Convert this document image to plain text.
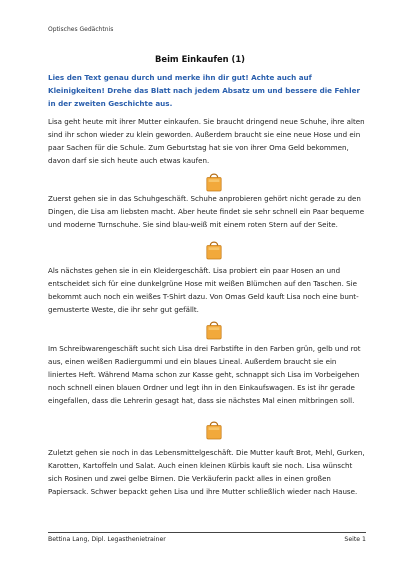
Optisches Gedächtnis
Beim Einkaufen (1)
Lies den Text genau durch und merke ihn dir gut! Achte auch auf Kleinigkeiten! Drehe das Blatt nach jedem Absatz um und bessere die Fehler in der zweiten Geschichte aus.
Lisa geht heute mit ihrer Mutter einkaufen. Sie braucht dringend neue Schuhe, ihre alten sind ihr schon wieder zu klein geworden. Außerdem braucht sie eine neue Hose und ein paar Sachen für die Schule. Zum Geburtstag hat sie von ihrer Oma Geld bekommen, davon darf sie sich heute auch etwas kaufen.
Zuerst gehen sie in das Schuhgeschäft. Schuhe anprobieren gehört nicht gerade zu den Dingen, die Lisa am liebsten macht. Aber heute findet sie sehr schnell ein Paar bequeme und moderne Turnschuhe. Sie sind blau-weiß mit einem roten Stern auf der Seite.
Als nächstes gehen sie in ein Kleidergeschäft. Lisa probiert ein paar Hosen an und entscheidet sich für eine dunkelgrüne Hose mit weißen Blümchen auf den Taschen. Sie bekommt auch noch ein weißes T-Shirt dazu. Von Omas Geld kauft Lisa noch eine bunt-gemusterte Weste, die ihr sehr gut gefällt.
Im Schreibwarengeschäft sucht sich Lisa drei Farbstifte in den Farben grün, gelb und rot aus, einen weißen Radiergummi und ein blaues Lineal. Außerdem braucht sie ein liniertes Heft. Während Mama schon zur Kasse geht, schnappt sich Lisa im Vorbeigehen noch schnell einen blauen Ordner und legt ihn in den Einkaufswagen. Es ist ihr gerade eingefallen, dass die Lehrerin gesagt hat, dass sie nächstes Mal einen mitbringen soll.
Zuletzt gehen sie noch in das Lebensmittelgeschäft. Die Mutter kauft Brot, Mehl, Gurken, Karotten, Kartoffeln und Salat. Auch einen kleinen Kürbis kauft sie noch. Lisa wünscht sich Rosinen und zwei gelbe Birnen. Die Verkäuferin packt alles in einen großen Papiersack. Schwer bepackt gehen Lisa und ihre Mutter schließlich wieder nach Hause.
Bettina Lang, Dipl. Legasthenietrainer	Seite 1
